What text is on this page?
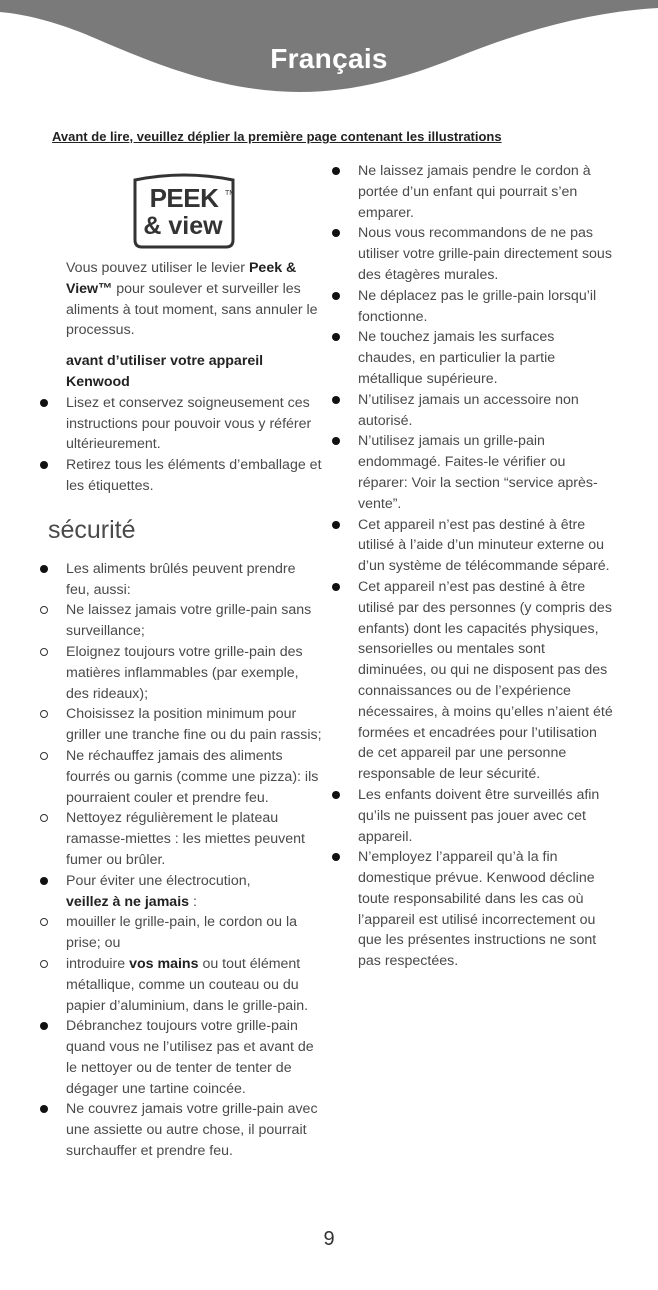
Français
Avant de lire, veuillez déplier la première page contenant les illustrations
PEEK TM
& view

Vous pouvez utiliser le levier Peek & View™ pour soulever et surveiller les aliments à tout moment, sans annuler le processus.

avant d’utiliser votre appareil Kenwood

Lisez et conservez soigneusement ces instructions pour pouvoir vous y référer ultérieurement.
Retirez tous les éléments d’emballage et les étiquettes.
sécurité
Les aliments brûlés peuvent prendre feu, aussi:
Ne laissez jamais votre grille-pain sans surveillance;
Eloignez toujours votre grille-pain des matières inflammables (par exemple, des rideaux);
Choisissez la position minimum pour griller une tranche fine ou du pain rassis;
Ne réchauffez jamais des aliments fourrés ou garnis (comme une pizza): ils pourraient couler et prendre feu.
Nettoyez régulièrement le plateau ramasse-miettes : les miettes peuvent fumer ou brûler.
Pour éviter une électrocution,
veillez à ne jamais :
mouiller le grille-pain, le cordon ou la prise; ou
introduire vos mains ou tout élément métallique, comme un couteau ou du papier d’aluminium, dans le grille-pain.
Débranchez toujours votre grille-pain quand vous ne l’utilisez pas et avant de le nettoyer ou de tenter de tenter de dégager une tartine coincée.
Ne couvrez jamais votre grille-pain avec une assiette ou autre chose, il pourrait surchauffer et prendre feu.
Ne laissez jamais pendre le cordon à portée d’un enfant qui pourrait s’en emparer.
Nous vous recommandons de ne pas utiliser votre grille-pain directement sous des étagères murales.
Ne déplacez pas le grille-pain lorsqu’il fonctionne.
Ne touchez jamais les surfaces chaudes, en particulier la partie métallique supérieure.
N’utilisez jamais un accessoire non autorisé.
N’utilisez jamais un grille-pain endommagé. Faites-le vérifier ou réparer: Voir la section “service après-vente”.
Cet appareil n’est pas destiné à être utilisé à l’aide d’un minuteur externe ou d’un système de télécommande séparé.
Cet appareil n’est pas destiné à être utilisé par des personnes (y compris des enfants) dont les capacités physiques, sensorielles ou mentales sont diminuées, ou qui ne disposent pas des connaissances ou de l’expérience nécessaires, à moins qu’elles n’aient été formées et encadrées pour l’utilisation de cet appareil par une personne responsable de leur sécurité.
Les enfants doivent être surveillés afin qu’ils ne puissent pas jouer avec cet appareil.
N’employez l’appareil qu’à la fin domestique prévue. Kenwood décline toute responsabilité dans les cas où l’appareil est utilisé incorrectement ou que les présentes instructions ne sont pas respectées.
9
